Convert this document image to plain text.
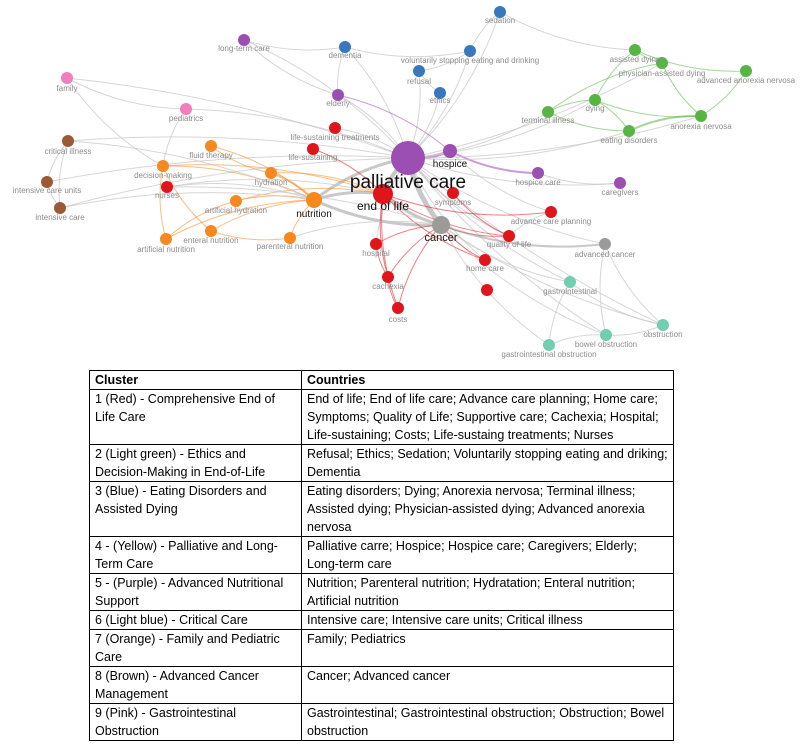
palliative care
end of life
cancer
nutrition
hospice
sedation
long-term care
voluntarily stopping eating and drinking
dementia
refusal
ethics
elderly
family
pediatrics
assisted dying
physician-assisted dying
advanced anorexia nervosa
dying
terminal illness
anorexia nervosa
eating disorders
critical illness
intensive care units
intensive care
life-sustaining treatments
life-sustaining
fluid therapy
decision-making
nurses
hydration
artificial hydration
enteral nutrition
artificial nutrition	parenteral nutrition
symptoms
hospice care
caregivers
advance care planning
quality of life
advanced cancer
hospital
home care
cachexia
costs
gastrointestinal
obstruction
bowel obstruction
gastrointestinal obstruction
Cluster	Countries
1 (Red) - Comprehensive End of Life Care	End of life; End of life care; Advance care planning; Home care; Symptoms; Quality of Life; Supportive care; Cachexia; Hospital; Life-sustaining; Costs; Life-sustaing treatments; Nurses
2 (Light green) - Ethics and Decision-Making in End-of-Life	Refusal; Ethics; Sedation; Voluntarily stopping eating and driking; Dementia
3 (Blue) - Eating Disorders and Assisted Dying	Eating disorders; Dying; Anorexia nervosa; Terminal illness; Assisted dying; Physician-assisted dying; Advanced anorexia nervosa
4 - (Yellow) - Palliative and Long-Term Care	Palliative carre; Hospice; Hospice care; Caregivers; Elderly; Long-term care
5 - (Purple) - Advanced Nutritional Support	Nutrition; Parenteral nutrition; Hydratation; Enteral nutrition; Artificial nutrition
6 (Light blue) - Critical Care	Intensive care; Intensive care units; Critical illness
7 (Orange) - Family and Pediatric Care	Family; Pediatrics
8 (Brown) - Advanced Cancer Management	Cancer; Advanced cancer
9 (Pink) - Gastrointestinal Obstruction	Gastrointestinal; Gastrointestinal obstruction; Obstruction; Bowel obstruction
